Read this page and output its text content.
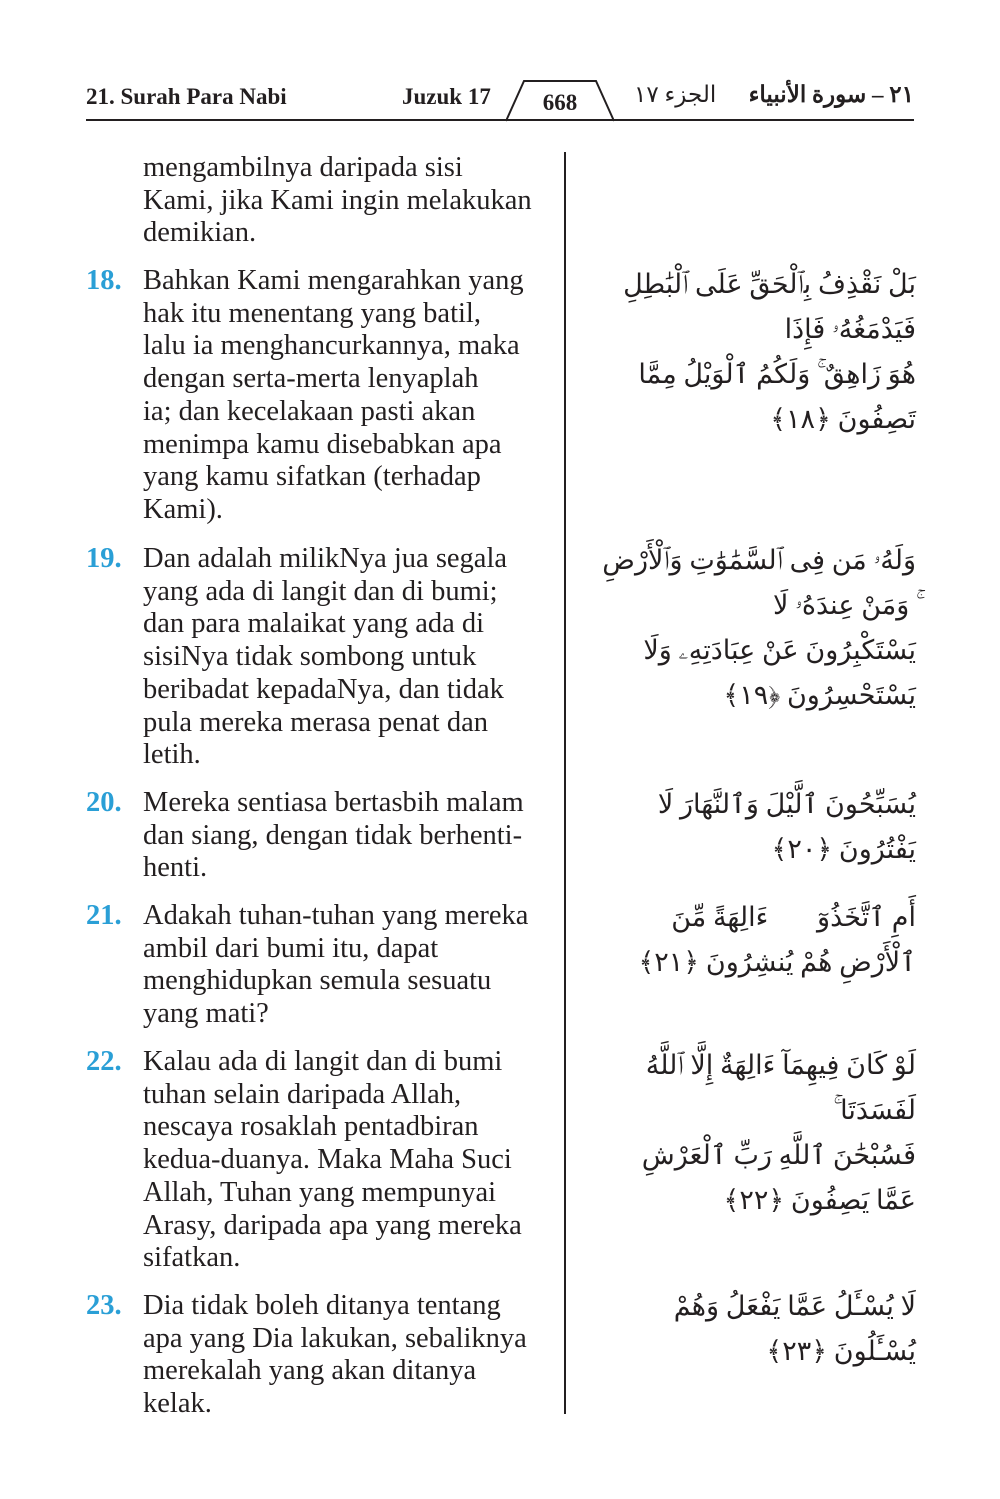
21. Surah Para Nabi	Juzuk 17	668	الجزء ١٧ ٢١ – سورة الأنبياء
mengambilnya daripada sisi
Kami, jika Kami ingin melakukan
demikian.
18. Bahkan Kami mengarahkan yang
hak itu menentang yang batil,
lalu ia menghancurkannya, maka
dengan serta-merta lenyaplah
ia; dan kecelakaan pasti akan
menimpa kamu disebabkan apa
yang kamu sifatkan (terhadap
Kami).
بَلْ نَقْذِفُ بِٱلْحَقِّ عَلَى ٱلْبَٰطِلِ فَيَدْمَغُهُۥ فَإِذَا
هُوَ زَاهِقٌ ۚ وَلَكُمُ ٱلْوَيْلُ مِمَّا تَصِفُونَ ﴿١٨﴾
19. Dan adalah milikNya jua segala
yang ada di langit dan di bumi;
dan para malaikat yang ada di
sisiNya tidak sombong untuk
beribadat kepadaNya, dan tidak
pula mereka merasa penat dan
letih.
وَلَهُۥ مَن فِى ٱلسَّمَٰوَٰتِ وَٱلْأَرْضِ ۚ وَمَنْ عِندَهُۥ لَا
يَسْتَكْبِرُونَ عَنْ عِبَادَتِهِۦ وَلَا يَسْتَحْسِرُونَ ﴿١٩﴾
20. Mereka sentiasa bertasbih malam
dan siang, dengan tidak berhenti-
henti.
يُسَبِّحُونَ ٱلَّيْلَ وَٱلنَّهَارَ لَا يَفْتُرُونَ ﴿٢٠﴾
21. Adakah tuhan-tuhan yang mereka
ambil dari bumi itu, dapat
menghidupkan semula sesuatu
yang mati?
أَمِ ٱتَّخَذُوٓا۟ ءَالِهَةً مِّنَ ٱلْأَرْضِ هُمْ يُنشِرُونَ ﴿٢١﴾
22. Kalau ada di langit dan di bumi
tuhan selain daripada Allah,
nescaya rosaklah pentadbiran
kedua-duanya. Maka Maha Suci
Allah, Tuhan yang mempunyai
Arasy, daripada apa yang mereka
sifatkan.
لَوْ كَانَ فِيهِمَآ ءَالِهَةٌ إِلَّا ٱللَّهُ لَفَسَدَتَا ۚ
فَسُبْحَٰنَ ٱللَّهِ رَبِّ ٱلْعَرْشِ عَمَّا يَصِفُونَ ﴿٢٢﴾
23. Dia tidak boleh ditanya tentang
apa yang Dia lakukan, sebaliknya
merekalah yang akan ditanya
kelak.
لَا يُسْـَٔلُ عَمَّا يَفْعَلُ وَهُمْ يُسْـَٔلُونَ ﴿٢٣﴾
